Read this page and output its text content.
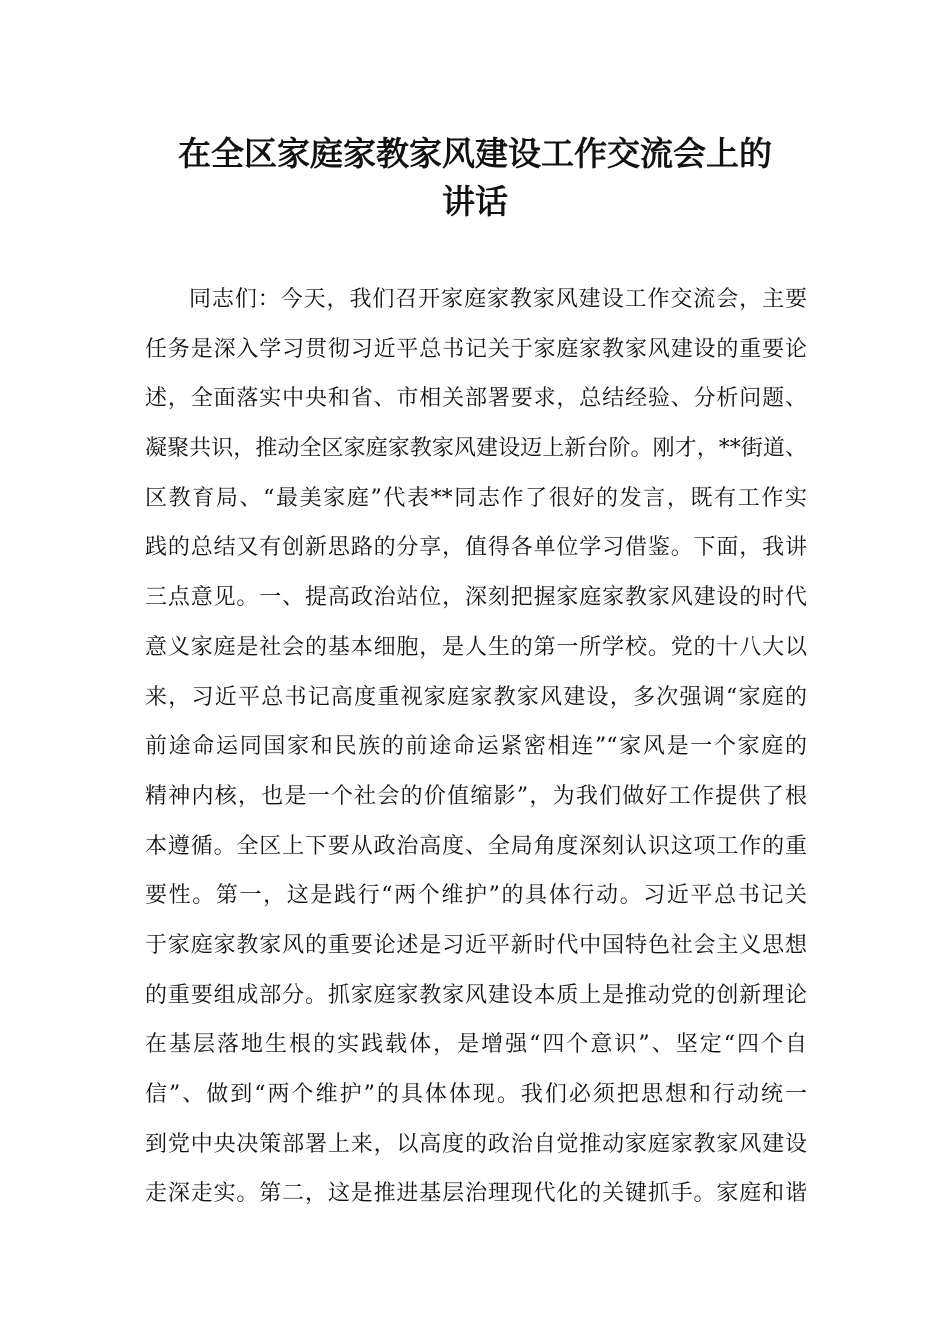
在全区家庭家教家风建设工作交流会上的
讲话
同志们：今天，我们召开家庭家教家风建设工作交流会，主要
任务是深入学习贯彻习近平总书记关于家庭家教家风建设的重要论
述，全面落实中央和省、市相关部署要求，总结经验、分析问题、
凝聚共识，推动全区家庭家教家风建设迈上新台阶。刚才，**街道、
区教育局、“最美家庭”代表**同志作了很好的发言，既有工作实
践的总结又有创新思路的分享，值得各单位学习借鉴。下面，我讲
三点意见。一、提高政治站位，深刻把握家庭家教家风建设的时代
意义家庭是社会的基本细胞，是人生的第一所学校。党的十八大以
来，习近平总书记高度重视家庭家教家风建设，多次强调“家庭的
前途命运同国家和民族的前途命运紧密相连”“家风是一个家庭的
精神内核，也是一个社会的价值缩影”，为我们做好工作提供了根
本遵循。全区上下要从政治高度、全局角度深刻认识这项工作的重
要性。第一，这是践行“两个维护”的具体行动。习近平总书记关
于家庭家教家风的重要论述是习近平新时代中国特色社会主义思想
的重要组成部分。抓家庭家教家风建设本质上是推动党的创新理论
在基层落地生根的实践载体，是增强“四个意识”、坚定“四个自
信”、做到“两个维护”的具体体现。我们必须把思想和行动统一
到党中央决策部署上来，以高度的政治自觉推动家庭家教家风建设
走深走实。第二，这是推进基层治理现代化的关键抓手。家庭和谐
